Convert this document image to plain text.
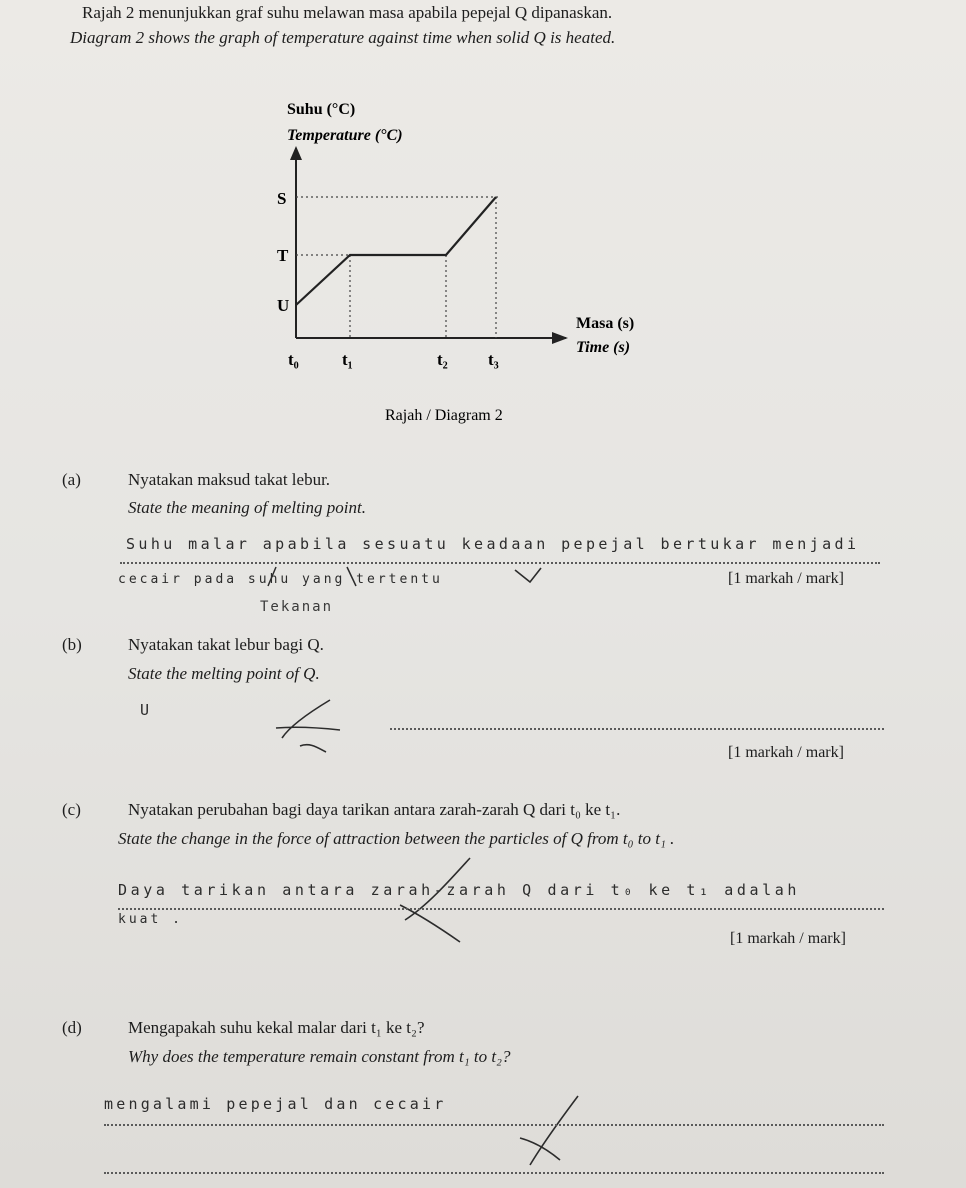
Rajah 2 menunjukkan graf suhu melawan masa apabila pepejal Q dipanaskan.
Diagram 2 shows the graph of temperature against time when solid Q is heated.
S
T
U
t₀	t₁	t₂ t₃
Suhu (°C)
Temperature (°C)
Masa (s)
Time (s)
Rajah / Diagram 2
(a)	Nyatakan maksud takat lebur.
State the meaning of melting point.
Suhu malar apabila sesuatu keadaan pepejal bertukar menjadi
cecair pada suhu yang tertentu	[1 markah / mark]
Tekanan
(b)	Nyatakan takat lebur bagi Q.
State the melting point of Q.
U
[1 markah / mark]
(c)	Nyatakan perubahan bagi daya tarikan antara zarah-zarah Q dari t₀ ke t₁.
State the change in the force of attraction between the particles of Q from t₀ to t₁ .
Daya tarikan antara zarah-zarah Q dari t₀ ke t₁ adalah
kuat .
[1 markah / mark]
(d)	Mengapakah suhu kekal malar dari t₁ ke t₂?
Why does the temperature remain constant from t₁ to t₂?
mengalami pepejal dan cecair
